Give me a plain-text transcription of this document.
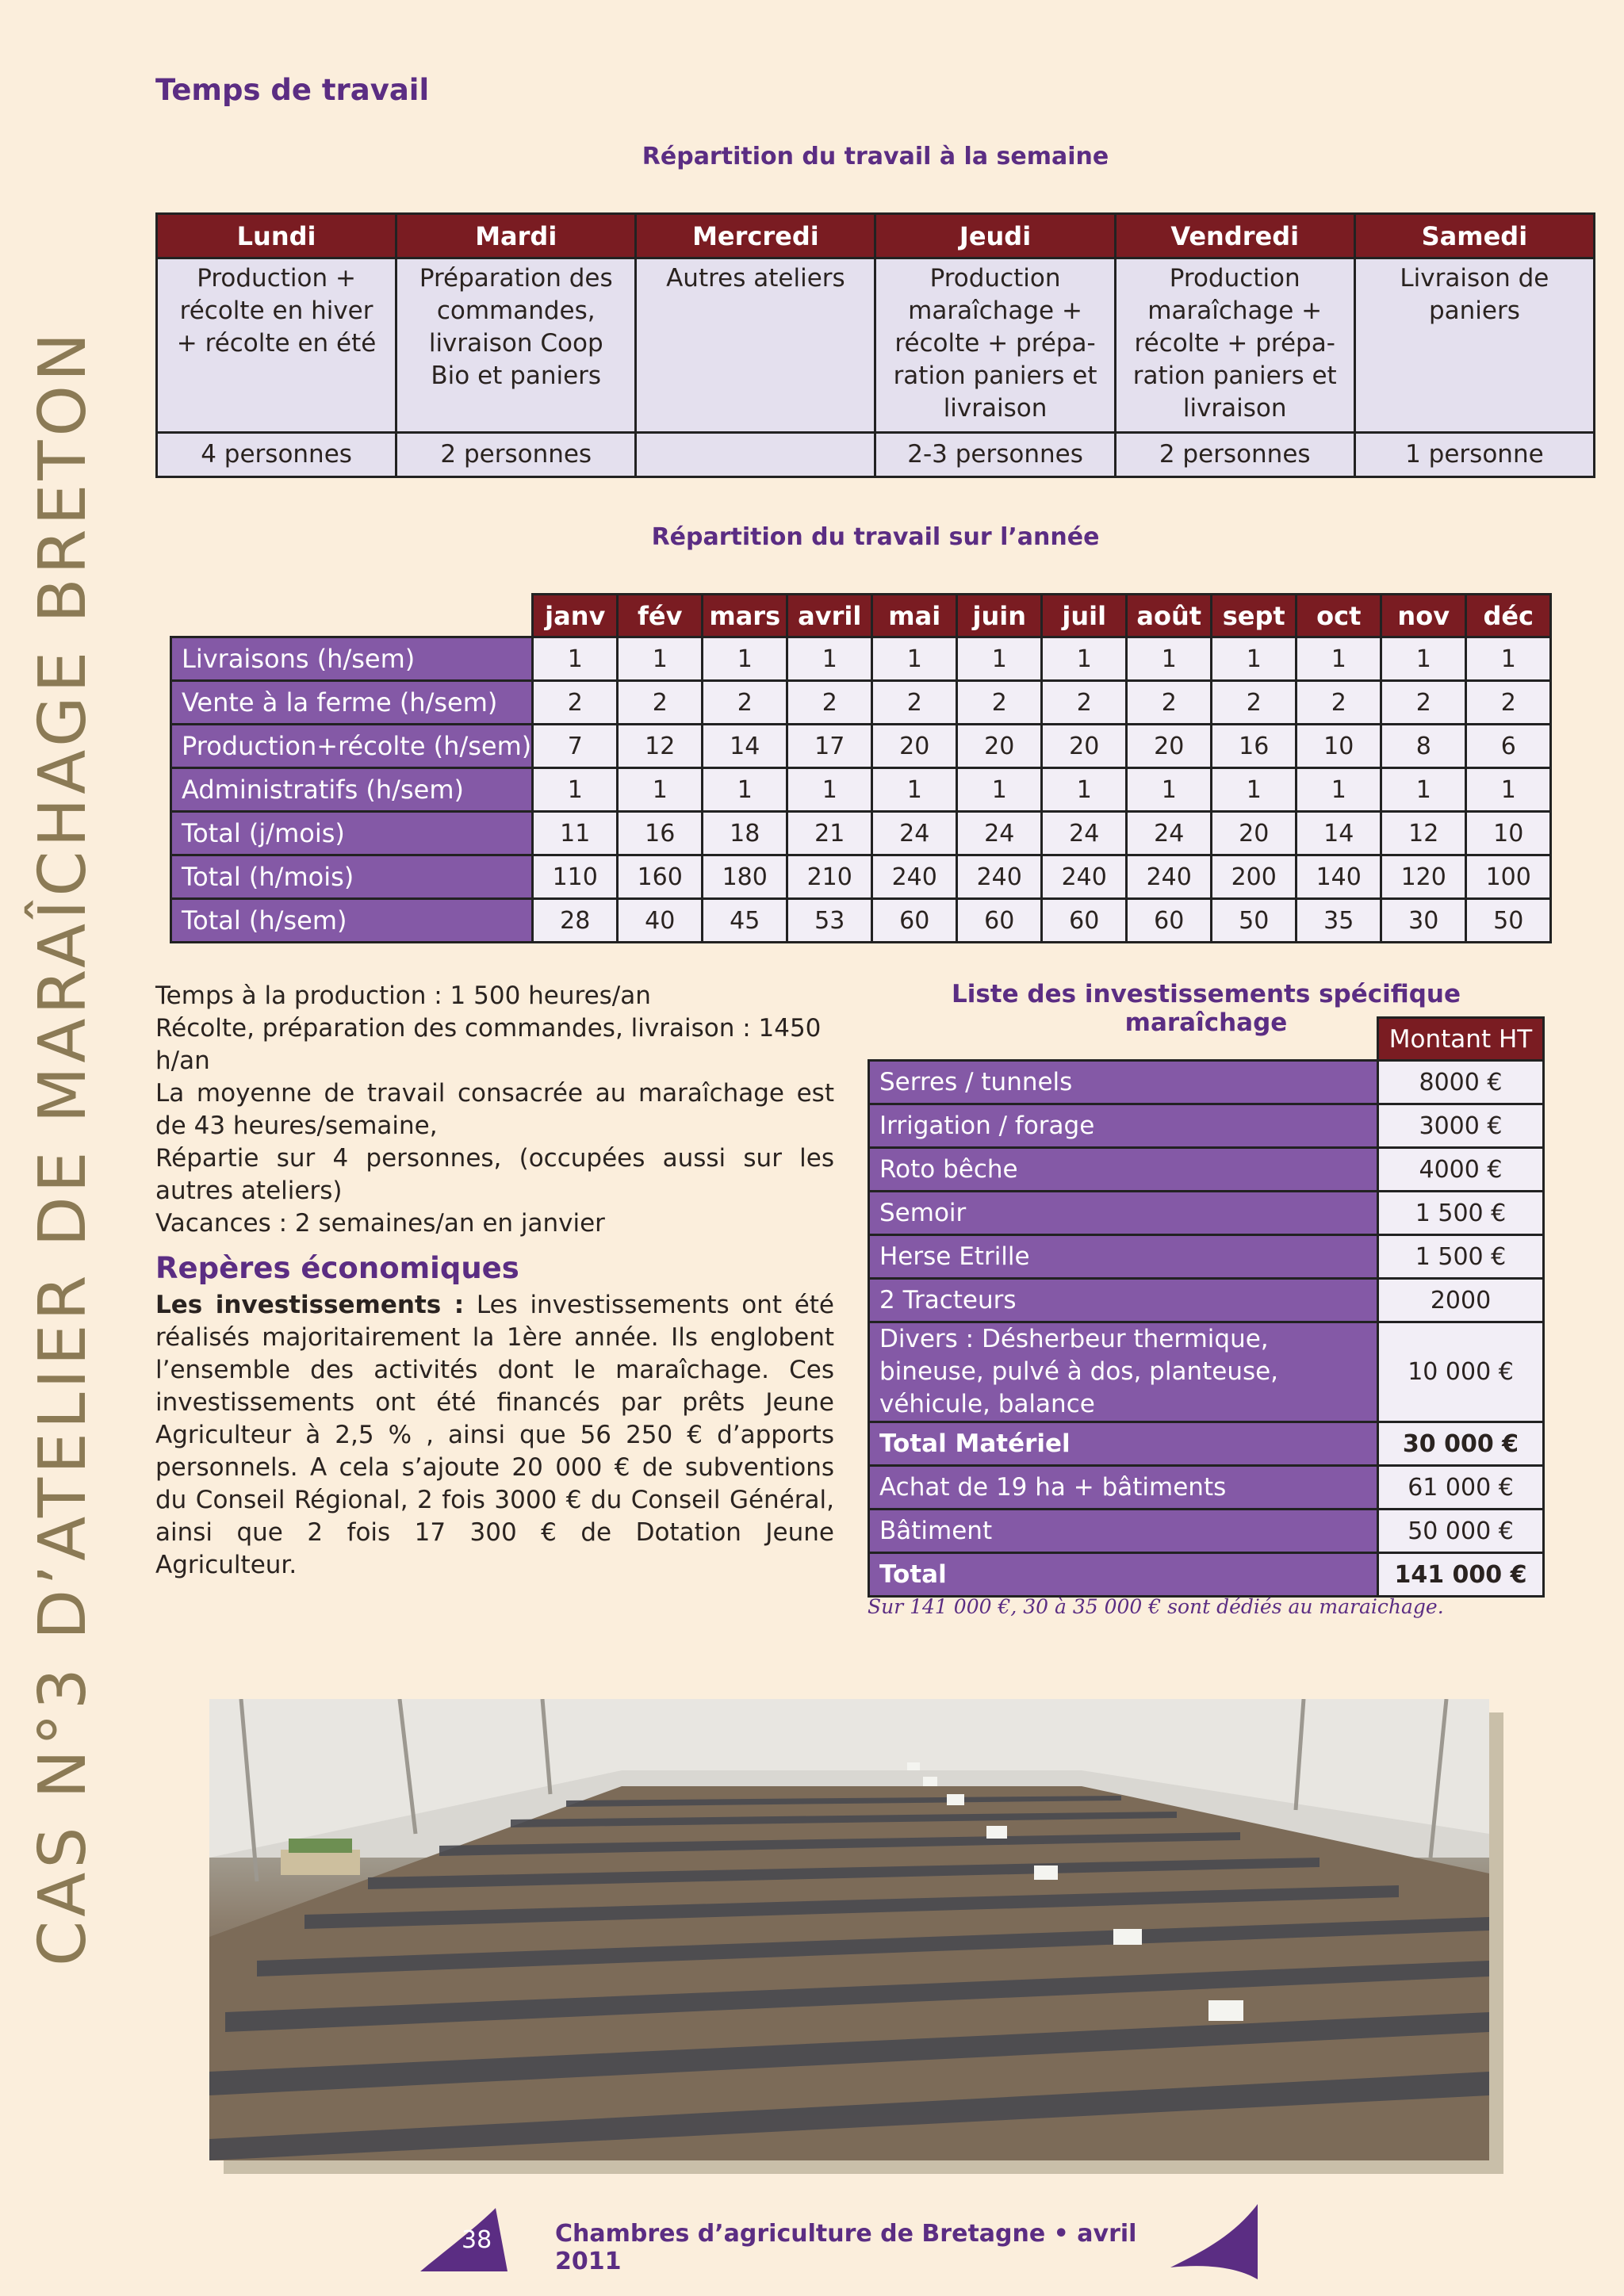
CAS N°3 D’ATELIER DE MARAÎCHAGE BRETON
Temps de travail
Répartition du travail à la semaine
Lundi	Mardi	Mercredi	Jeudi	Vendredi	Samedi
Production + récolte en hiver + récolte en été	Préparation des commandes, livraison Coop Bio et paniers	Autres ateliers	Production maraîchage + récolte + prépa-ration paniers et livraison	Production maraîchage + récolte + prépa-ration paniers et livraison	Livraison de paniers
4 personnes	2 personnes		2-3 personnes	2 personnes	1 personne
Répartition du travail sur l’année
	janv	fév	mars	avril	mai	juin	juil	août	sept	oct	nov	déc
Livraisons (h/sem)	1	1	1	1	1	1	1	1	1	1	1	1
Vente à la ferme (h/sem)	2	2	2	2	2	2	2	2	2	2	2	2
Production+récolte (h/sem)	7	12	14	17	20	20	20	20	16	10	8	6
Administratifs (h/sem)	1	1	1	1	1	1	1	1	1	1	1	1
Total (j/mois)	11	16	18	21	24	24	24	24	20	14	12	10
Total (h/mois)	110	160	180	210	240	240	240	240	200	140	120	100
Total (h/sem)	28	40	45	53	60	60	60	60	50	35	30	50
Temps à la production : 1 500 heures/an
Récolte, préparation des commandes, livraison : 1450 h/an
La moyenne de travail consacrée au maraîchage est de 43 heures/semaine,
Répartie sur 4 personnes, (occupées aussi sur les autres ateliers)
Vacances : 2 semaines/an en janvier
Repères économiques
Les investissements : Les investissements ont été réalisés majoritairement la 1ère année. Ils englobent l’ensemble des activités dont le maraîchage. Ces investissements ont été financés par prêts Jeune Agriculteur à 2,5 % , ainsi que 56 250 € d’apports personnels. A cela s’ajoute 20 000 € de subventions du Conseil Régional, 2 fois 3000 € du Conseil Général, ainsi que 2 fois 17 300 € de Dotation Jeune Agriculteur.
Liste des investissements spécifique maraîchage
	Montant HT
Serres / tunnels	8000 €
Irrigation / forage	3000 €
Roto bêche	4000 €
Semoir	1 500 €
Herse Etrille	1 500 €
2 Tracteurs	2000
Divers : Désherbeur thermique, bineuse, pulvé à dos, planteuse, véhicule, balance	10 000 €
Total Matériel	30 000 €
Achat de 19 ha + bâtiments	61 000 €
Bâtiment	50 000 €
Total	141 000 €
Sur 141 000 €, 30 à 35 000 € sont dédiés au maraichage.
38	Chambres d’agriculture de Bretagne • avril 2011
